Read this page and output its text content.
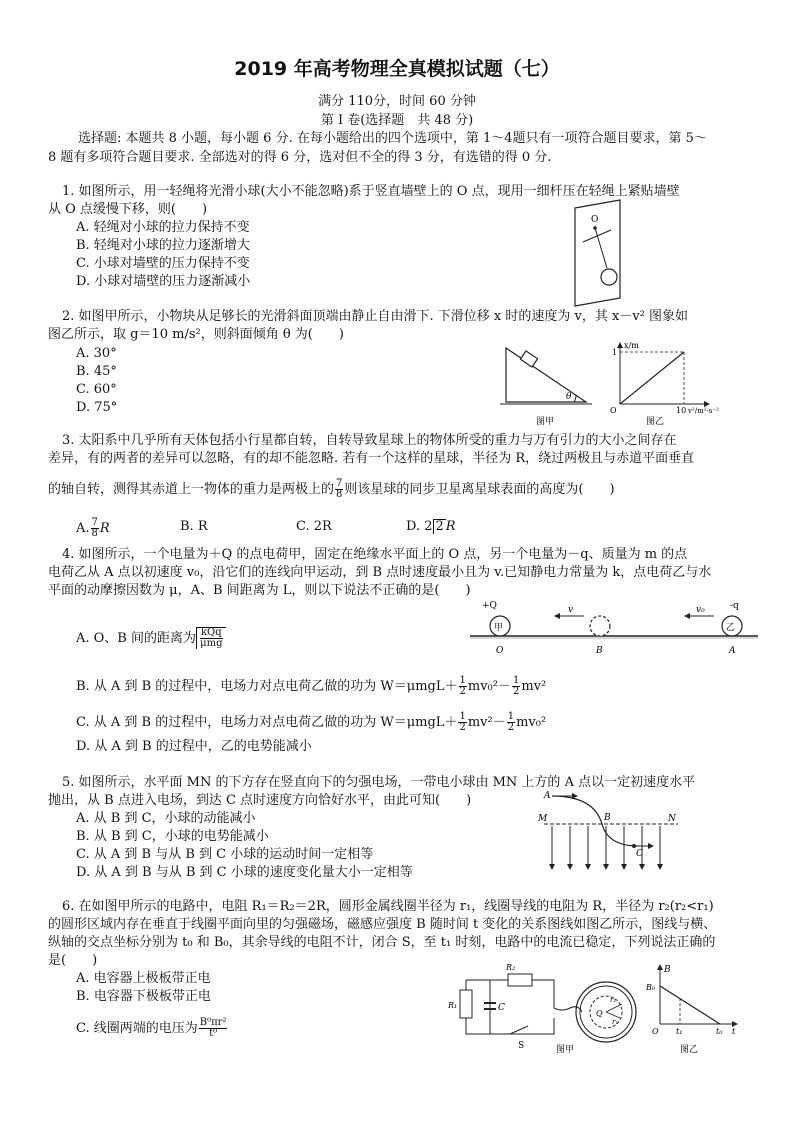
2019 年高考物理全真模拟试题（七）
满分 110分，时间 60 分钟
第 Ⅰ 卷(选择题　共 48 分)
选择题: 本题共 8 小题，每小题 6 分. 在每小题给出的四个选项中，第 1～4题只有一项符合题目要求，第 5～
8 题有多项符合题目要求. 全部选对的得 6 分，选对但不全的得 3 分，有选错的得 0 分.
1. 如图所示，用一轻绳将光滑小球(大小不能忽略)系于竖直墙壁上的 O 点，现用一细杆压在轻绳上紧贴墙壁
从 O 点缓慢下移，则(　　)
A. 轻绳对小球的拉力保持不变
B. 轻绳对小球的拉力逐渐增大
C. 小球对墙壁的压力保持不变
D. 小球对墙壁的压力逐渐减小
O
2. 如图甲所示，小物块从足够长的光滑斜面顶端由静止自由滑下. 下滑位移 x 时的速度为 v，其 x－v² 图象如
图乙所示，取 g＝10 m/s²，则斜面倾角 θ 为(　　)
A. 30°
B. 45°
C. 60°
D. 75°
θ
图甲
x/m
1
O	10 v²/m²·s⁻²
图乙
3. 太阳系中几乎所有天体包括小行星都自转，自转导致星球上的物体所受的重力与万有引力的大小之间存在
差异，有的两者的差异可以忽略，有的却不能忽略. 若有一个这样的星球，半径为 R，绕过两极且与赤道平面垂直
的轴自转，测得其赤道上一物体的重力是两极上的 $\frac{7}{8}$ 则该星球的同步卫星离星球表面的高度为(　　)
A. $\frac{7}{8}$ R	B. R	C. 2R	D. 2 2 R
4. 如图所示，一个电量为＋Q 的点电荷甲，固定在绝缘水平面上的 O 点，另一个电量为－q、质量为 m 的点
电荷乙从 A 点以初速度 v₀，沿它们的连线向甲运动，到 B 点时速度最小且为 v.已知静电力常量为 k，点电荷乙与水
平面的动摩擦因数为 μ，A、B 间距离为 L，则以下说法不正确的是(　　)
A. O、B 间的距离为 $\frac{\text{kQq}}{\text{μmg}}$
B. 从 A 到 B 的过程中，电场力对点电荷乙做的功为 $W=\mu mgL+ \frac{1}{2} mv_0^2- \frac{1}{2} mv^2$
C. 从 A 到 B 的过程中，电场力对点电荷乙做的功为 $W=\mu mgL+ \frac{1}{2} mv^2- \frac{1}{2} mv_0^2$
D. 从 A 到 B 的过程中，乙的电势能减小
+Q	-q
甲	乙
v	v₀
O	B	A
5. 如图所示，水平面 MN 的下方存在竖直向下的匀强电场，一带电小球由 MN 上方的 A 点以一定初速度水平
抛出，从 B 点进入电场，到达 C 点时速度方向恰好水平，由此可知(　　)
A. 从 B 到 C，小球的动能减小
B. 从 B 到 C，小球的电势能减小
C. 从 A 到 B 与从 B 到 C 小球的运动时间一定相等
D. 从 A 到 B 与从 B 到 C 小球的速度变化量大小一定相等
A
B
C
M	N
6. 在如图甲所示的电路中，电阻 R₁＝R₂＝2R，圆形金属线圈半径为 r₁，线圈导线的电阻为 R，半径为 r₂(r₂<r₁)
的圆形区域内存在垂直于线圈平面向里的匀强磁场，磁感应强度 B 随时间 t 变化的关系图线如图乙所示，图线与横、
纵轴的交点坐标分别为 t₀ 和 B₀，其余导线的电阻不计，闭合 S，至 t₁ 时刻，电路中的电流已稳定，下列说法正确的
是(　　)
A. 电容器上极板带正电
B. 电容器下极板带正电
C. 线圈两端的电压为 $\frac{\text{B⁰πr²}}{\text{t⁰}}$
R₂
R₁	C
S
Q
r₂
r₁
图甲
B
B₀
O t₁	t₀ t
图乙
